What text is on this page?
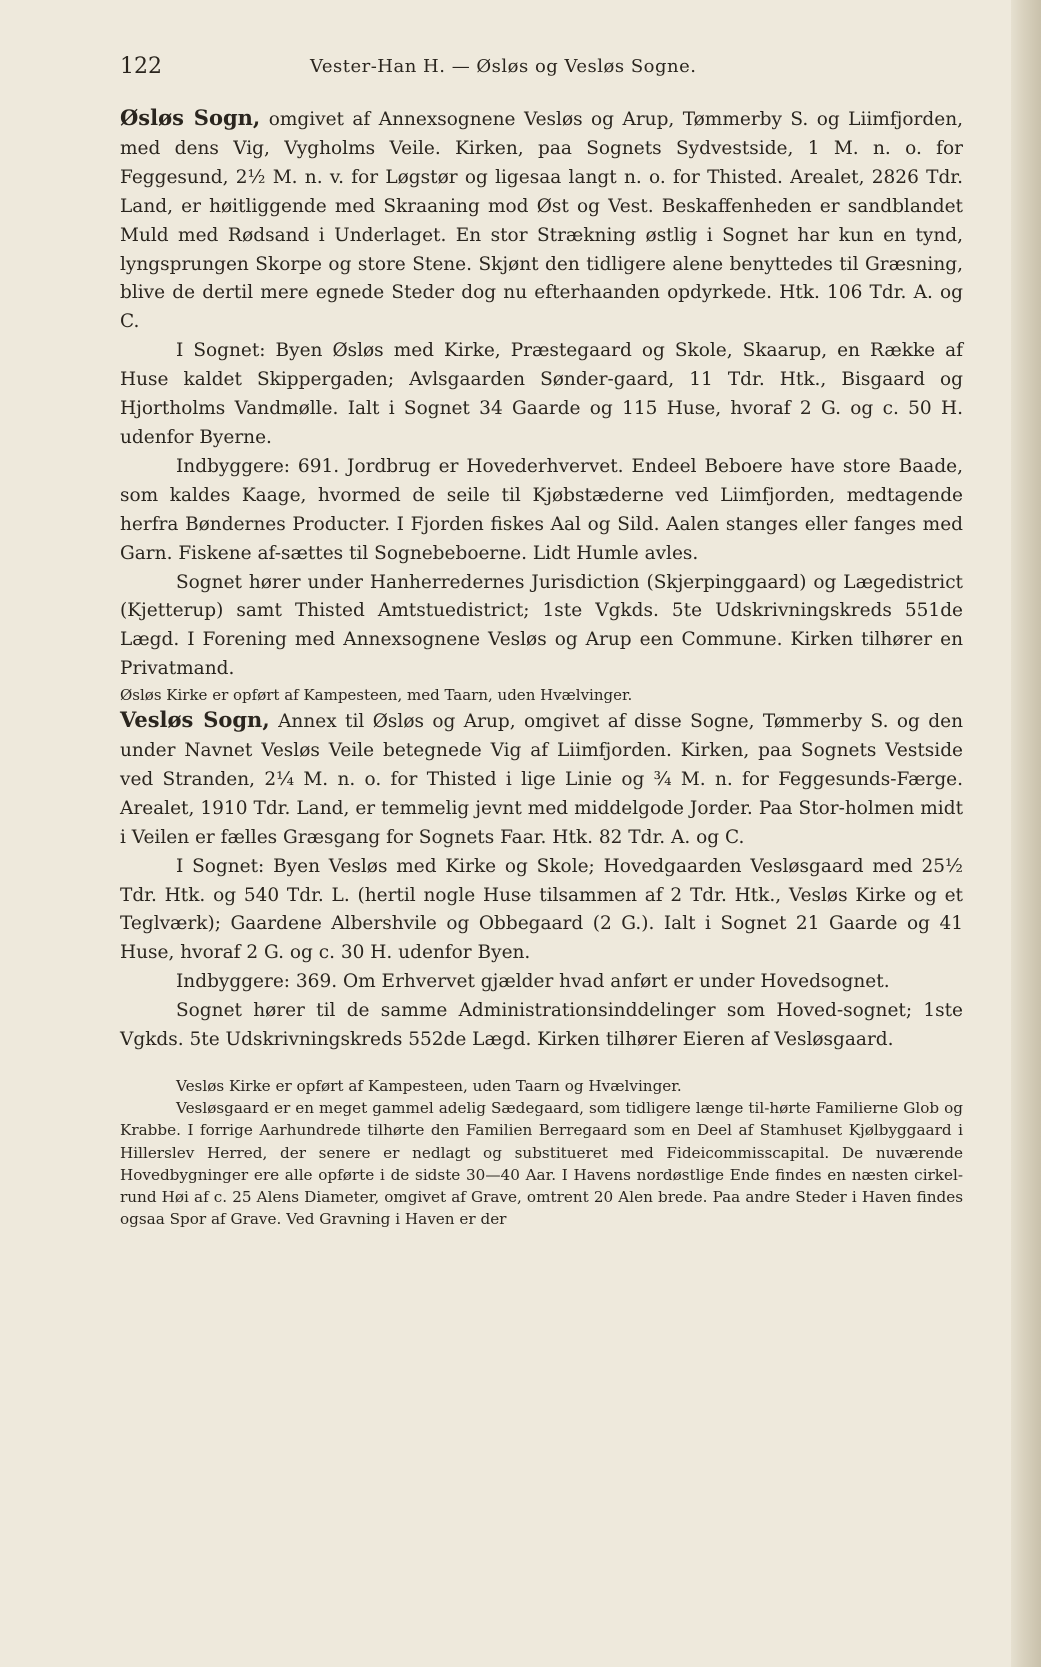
122	Vester-Han H. — Øsløs og Vesløs Sogne.

Øsløs Sogn, omgivet af Annexsognene Vesløs og Arup, Tømmerby S. og Liimfjorden, med dens Vig, Vygholms Veile. Kirken, paa Sognets Sydvestside, 1 M. n. o. for Feggesund, 2½ M. n. v. for Løgstør og ligesaa langt n. o. for Thisted. Arealet, 2826 Tdr. Land, er høitliggende med Skraaning mod Øst og Vest. Beskaffenheden er sandblandet Muld med Rødsand i Underlaget. En stor Strækning østlig i Sognet har kun en tynd, lyngsprungen Skorpe og store Stene. Skjønt den tidligere alene benyttedes til Græsning, blive de dertil mere egnede Steder dog nu efterhaanden opdyrkede. Htk. 106 Tdr. A. og C.

I Sognet: Byen Øsløs med Kirke, Præstegaard og Skole, Skaarup, en Række af Huse kaldet Skippergaden; Avlsgaarden Sønder-gaard, 11 Tdr. Htk., Bisgaard og Hjortholms Vandmølle. Ialt i Sognet 34 Gaarde og 115 Huse, hvoraf 2 G. og c. 50 H. udenfor Byerne.

Indbyggere: 691. Jordbrug er Hovederhvervet. Endeel Beboere have store Baade, som kaldes Kaage, hvormed de seile til Kjøbstæderne ved Liimfjorden, medtagende herfra Bøndernes Producter. I Fjorden fiskes Aal og Sild. Aalen stanges eller fanges med Garn. Fiskene af-sættes til Sognebeboerne. Lidt Humle avles.

Sognet hører under Hanherredernes Jurisdiction (Skjerpinggaard) og Lægedistrict (Kjetterup) samt Thisted Amtstuedistrict; 1ste Vgkds. 5te Udskrivningskreds 551de Lægd. I Forening med Annexsognene Vesløs og Arup een Commune. Kirken tilhører en Privatmand.

Øsløs Kirke er opført af Kampesteen, med Taarn, uden Hvælvinger.

Vesløs Sogn, Annex til Øsløs og Arup, omgivet af disse Sogne, Tømmerby S. og den under Navnet Vesløs Veile betegnede Vig af Liimfjorden. Kirken, paa Sognets Vestside ved Stranden, 2¼ M. n. o. for Thisted i lige Linie og ¾ M. n. for Feggesunds-Færge. Arealet, 1910 Tdr. Land, er temmelig jevnt med middelgode Jorder. Paa Stor-holmen midt i Veilen er fælles Græsgang for Sognets Faar. Htk. 82 Tdr. A. og C.

I Sognet: Byen Vesløs med Kirke og Skole; Hovedgaarden Vesløsgaard med 25½ Tdr. Htk. og 540 Tdr. L. (hertil nogle Huse tilsammen af 2 Tdr. Htk., Vesløs Kirke og et Teglværk); Gaardene Albershvile og Obbegaard (2 G.). Ialt i Sognet 21 Gaarde og 41 Huse, hvoraf 2 G. og c. 30 H. udenfor Byen.

Indbyggere: 369. Om Erhvervet gjælder hvad anført er under Hovedsognet.

Sognet hører til de samme Administrationsinddelinger som Hoved-sognet; 1ste Vgkds. 5te Udskrivningskreds 552de Lægd. Kirken tilhører Eieren af Vesløsgaard.

Vesløs Kirke er opført af Kampesteen, uden Taarn og Hvælvinger.

Vesløsgaard er en meget gammel adelig Sædegaard, som tidligere længe til-hørte Familierne Glob og Krabbe. I forrige Aarhundrede tilhørte den Familien Berregaard som en Deel af Stamhuset Kjølbyggaard i Hillerslev Herred, der senere er nedlagt og substitueret med Fideicommisscapital. De nuværende Hovedbygninger ere alle opførte i de sidste 30—40 Aar. I Havens nordøstlige Ende findes en næsten cirkel-rund Høi af c. 25 Alens Diameter, omgivet af Grave, omtrent 20 Alen brede. Paa andre Steder i Haven findes ogsaa Spor af Grave. Ved Gravning i Haven er der
